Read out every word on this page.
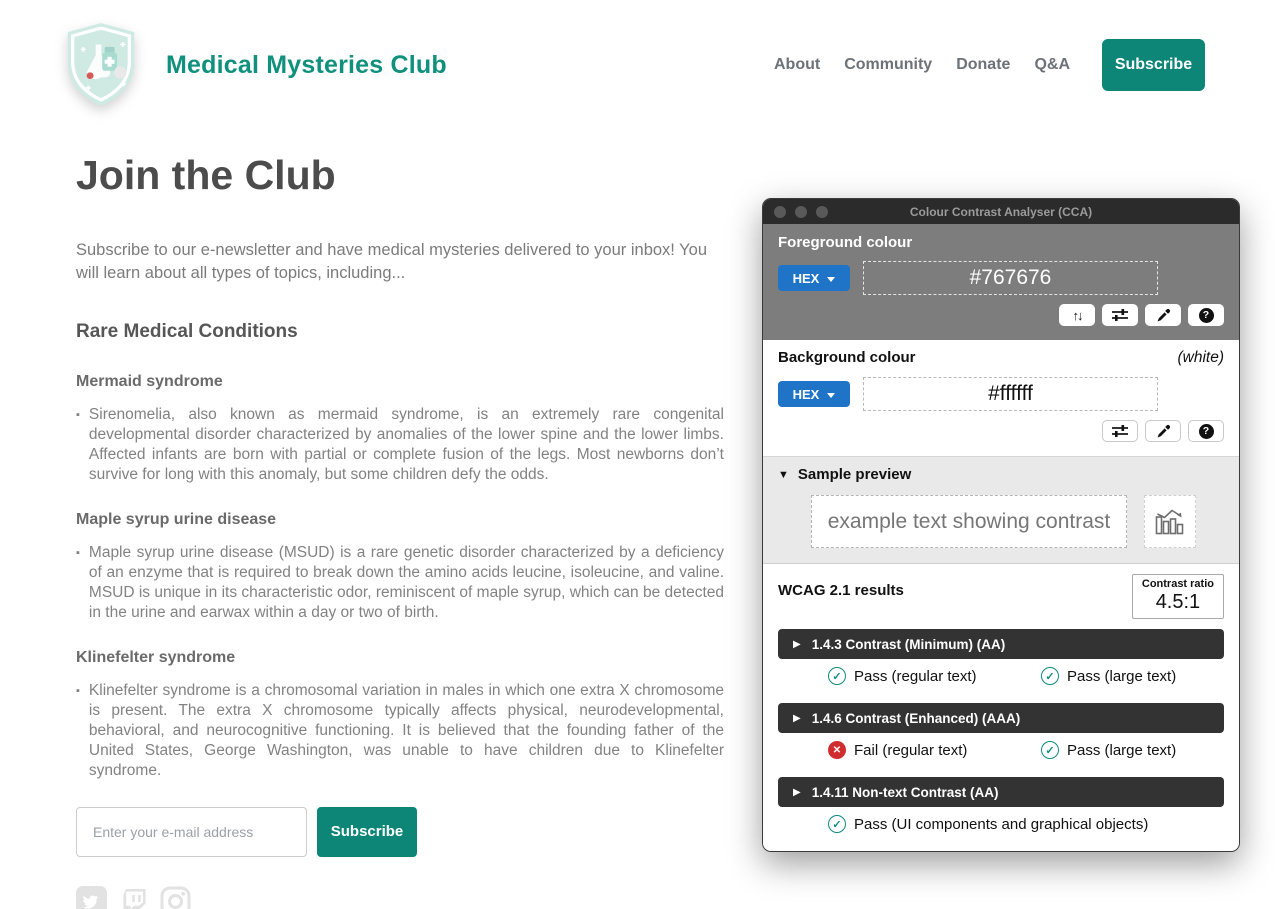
Medical Mysteries Club	About Community Donate Q&A	Subscribe
Join the Club
Subscribe to our e-newsletter and have medical mysteries delivered to your inbox! You will learn about all types of topics, including...
Rare Medical Conditions
Mermaid syndrome
▪ Sirenomelia, also known as mermaid syndrome, is an extremely rare congenital developmental disorder characterized by anomalies of the lower spine and the lower limbs. Affected infants are born with partial or complete fusion of the legs. Most newborns don’t survive for long with this anomaly, but some children defy the odds.
Maple syrup urine disease
▪ Maple syrup urine disease (MSUD) is a rare genetic disorder characterized by a deficiency of an enzyme that is required to break down the amino acids leucine, isoleucine, and valine. MSUD is unique in its characteristic odor, reminiscent of maple syrup, which can be detected in the urine and earwax within a day or two of birth.
Klinefelter syndrome
▪ Klinefelter syndrome is a chromosomal variation in males in which one extra X chromosome is present. The extra X chromosome typically affects physical, neurodevelopmental, behavioral, and neurocognitive functioning. It is believed that the founding father of the United States, George Washington, was unable to have children due to Klinefelter syndrome.
Enter your e-mail address
Subscribe
Colour Contrast Analyser (CCA)
Foreground colour
HEX	#767676
↑↓	?
Background colour	(white)
HEX	#ffffff
?
▼ Sample preview
example text showing contrast
WCAG 2.1 results	Contrast ratio
4.5:1
▶ 1.4.3 Contrast (Minimum) (AA)
✓ Pass (regular text)	✓ Pass (large text)
▶ 1.4.6 Contrast (Enhanced) (AAA)
✕ Fail (regular text)	✓ Pass (large text)
▶ 1.4.11 Non-text Contrast (AA)
✓ Pass (UI components and graphical objects)
